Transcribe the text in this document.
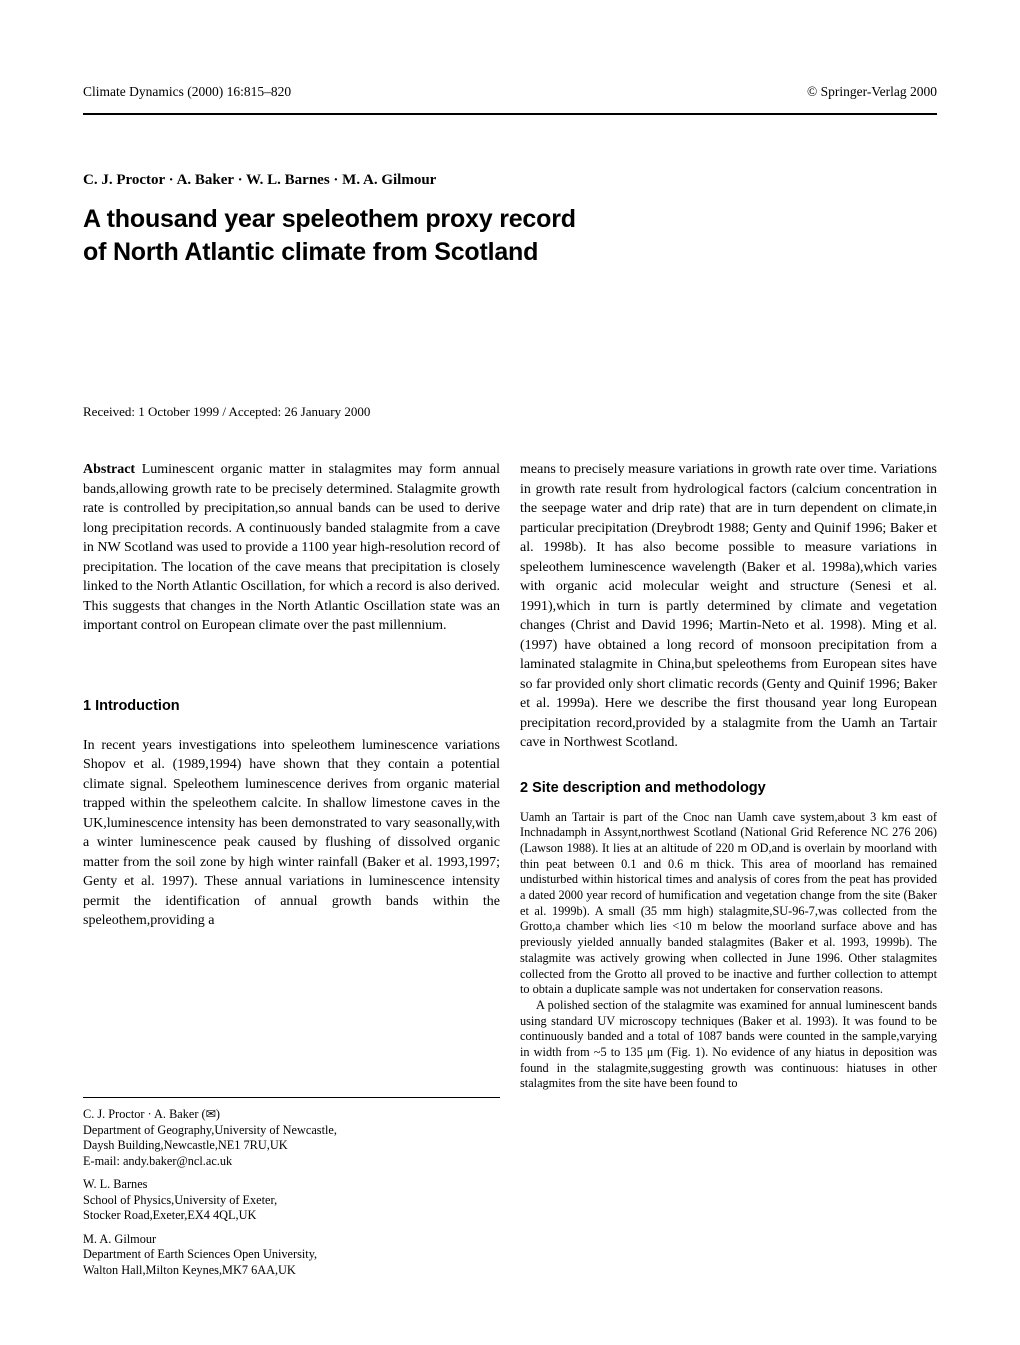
Climate Dynamics (2000) 16:815–820	© Springer-Verlag 2000
C. J. Proctor · A. Baker · W. L. Barnes · M. A. Gilmour
A thousand year speleothem proxy record
of North Atlantic climate from Scotland
Received: 1 October 1999 / Accepted: 26 January 2000

Abstract Luminescent organic matter in stalagmites may form annual bands,allowing growth rate to be precisely determined. Stalagmite growth rate is controlled by precipitation,so annual bands can be used to derive long precipitation records. A continuously banded stalagmite from a cave in NW Scotland was used to provide a 1100 year high-resolution record of precipitation. The location of the cave means that precipitation is closely linked to the North Atlantic Oscillation, for which a record is also derived. This suggests that changes in the North Atlantic Oscillation state was an important control on European climate over the past millennium.

1 Introduction

In recent years investigations into speleothem luminescence variations Shopov et al. (1989,1994) have shown that they contain a potential climate signal. Speleothem luminescence derives from organic material trapped within the speleothem calcite. In shallow limestone caves in the UK,luminescence intensity has been demonstrated to vary seasonally,with a winter luminescence peak caused by flushing of dissolved organic matter from the soil zone by high winter rainfall (Baker et al. 1993,1997; Genty et al. 1997). These annual variations in luminescence intensity permit the identification of annual growth bands within the speleothem,providing a

C. J. Proctor · A. Baker (✉)
Department of Geography,University of Newcastle,
Daysh Building,Newcastle,NE1 7RU,UK
E-mail: andy.baker@ncl.ac.uk
W. L. Barnes
School of Physics,University of Exeter,
Stocker Road,Exeter,EX4 4QL,UK
M. A. Gilmour
Department of Earth Sciences Open University,
Walton Hall,Milton Keynes,MK7 6AA,UK

means to precisely measure variations in growth rate over time. Variations in growth rate result from hydrological factors (calcium concentration in the seepage water and drip rate) that are in turn dependent on climate,in particular precipitation (Dreybrodt 1988; Genty and Quinif 1996; Baker et al. 1998b). It has also become possible to measure variations in speleothem luminescence wavelength (Baker et al. 1998a),which varies with organic acid molecular weight and structure (Senesi et al. 1991),which in turn is partly determined by climate and vegetation changes (Christ and David 1996; Martin-Neto et al. 1998). Ming et al. (1997) have obtained a long record of monsoon precipitation from a laminated stalagmite in China,but speleothems from European sites have so far provided only short climatic records (Genty and Quinif 1996; Baker et al. 1999a). Here we describe the first thousand year long European precipitation record,provided by a stalagmite from the Uamh an Tartair cave in Northwest Scotland.

2 Site description and methodology

Uamh an Tartair is part of the Cnoc nan Uamh cave system,about 3 km east of Inchnadamph in Assynt,northwest Scotland (National Grid Reference NC 276 206) (Lawson 1988). It lies at an altitude of 220 m OD,and is overlain by moorland with thin peat between 0.1 and 0.6 m thick. This area of moorland has remained undisturbed within historical times and analysis of cores from the peat has provided a dated 2000 year record of humification and vegetation change from the site (Baker et al. 1999b). A small (35 mm high) stalagmite,SU-96-7,was collected from the Grotto,a chamber which lies <10 m below the moorland surface above and has previously yielded annually banded stalagmites (Baker et al. 1993, 1999b). The stalagmite was actively growing when collected in June 1996. Other stalagmites collected from the Grotto all proved to be inactive and further collection to attempt to obtain a duplicate sample was not undertaken for conservation reasons.

A polished section of the stalagmite was examined for annual luminescent bands using standard UV microscopy techniques (Baker et al. 1993). It was found to be continuously banded and a total of 1087 bands were counted in the sample,varying in width from ~5 to 135 μm (Fig. 1). No evidence of any hiatus in deposition was found in the stalagmite,suggesting growth was continuous: hiatuses in other stalagmites from the site have been found to
